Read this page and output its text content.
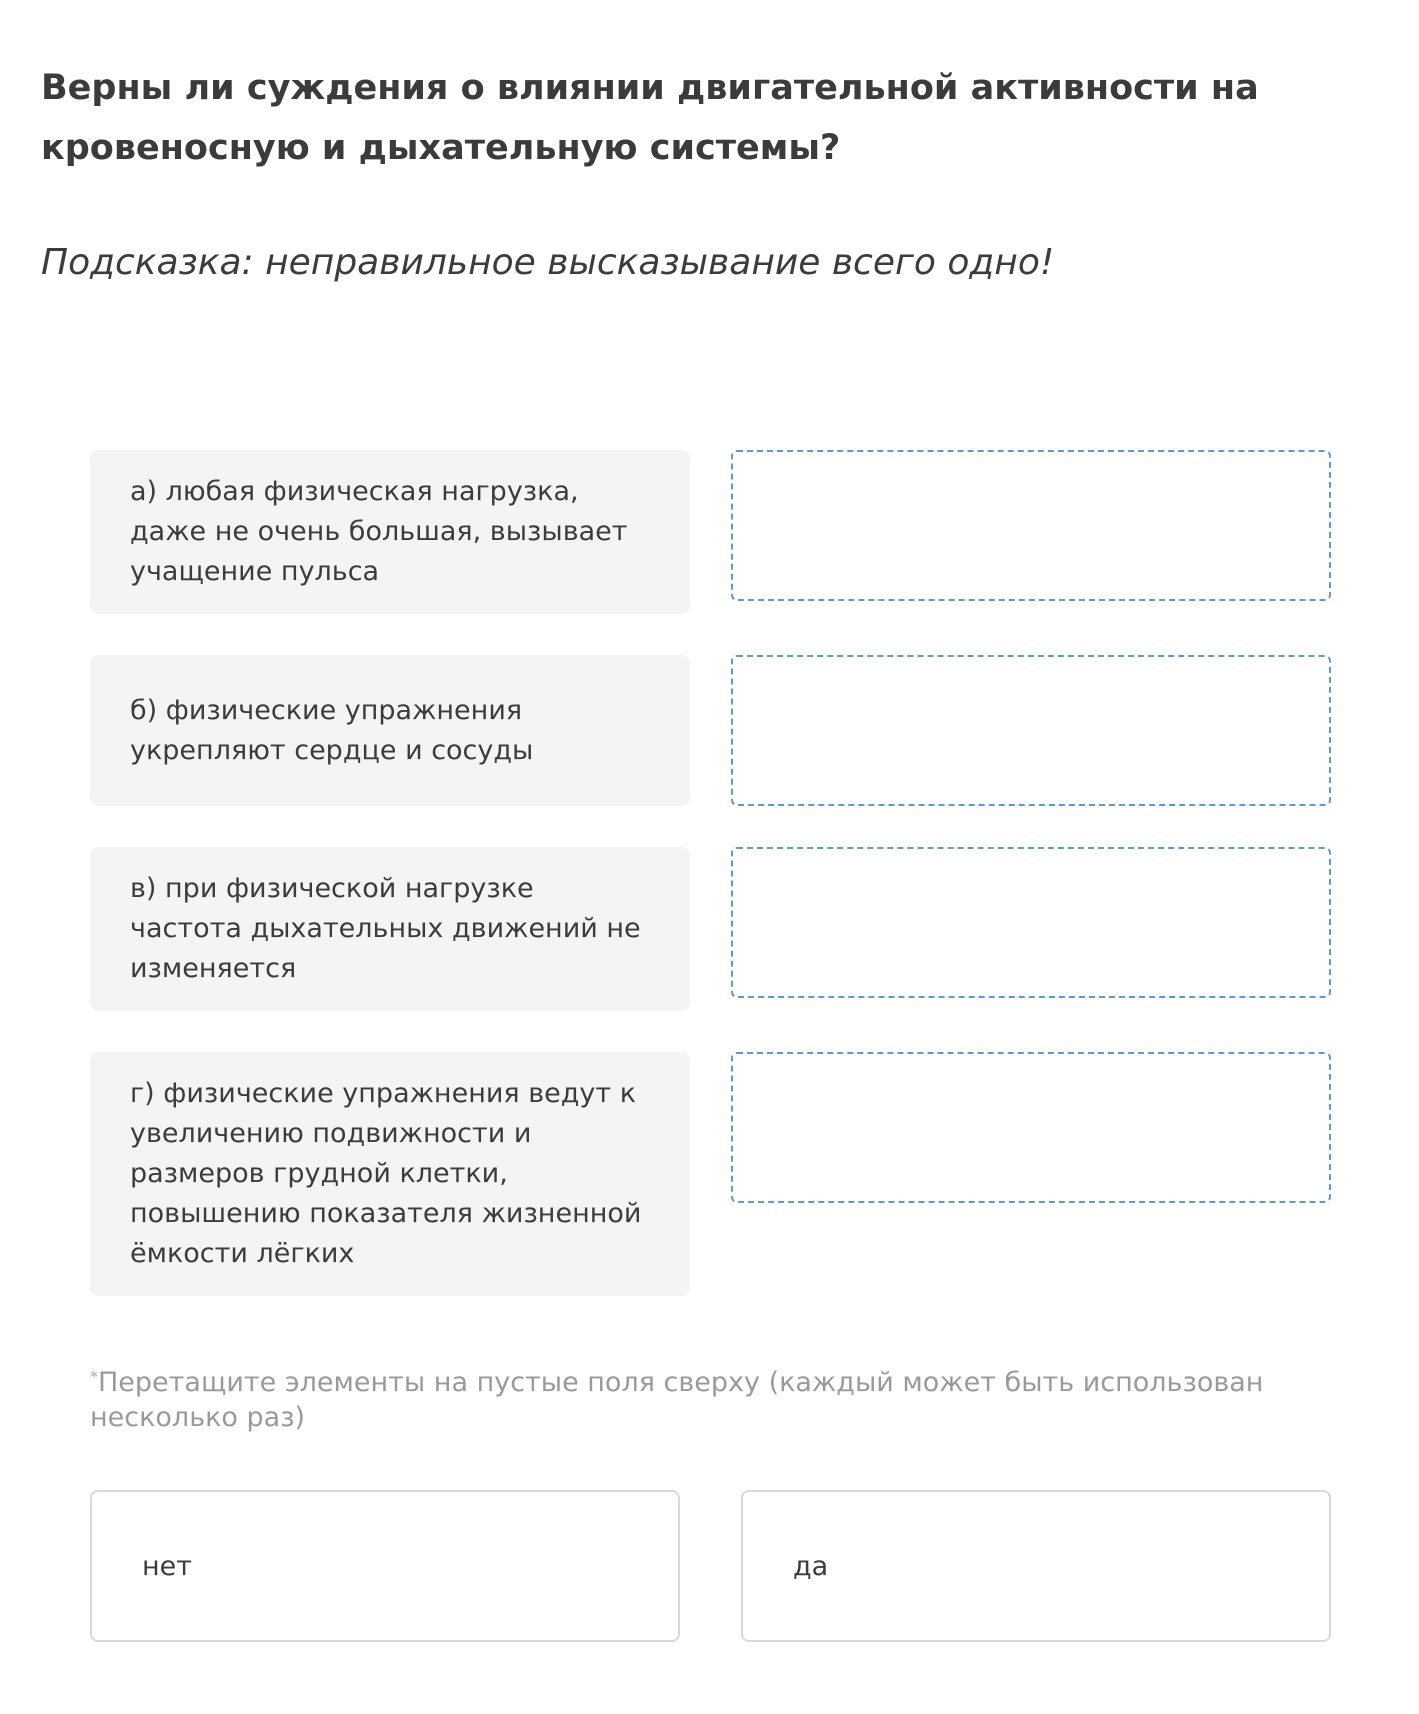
Верны ли суждения о влиянии двигательной активности на кровеносную и дыхательную системы?

Подсказка: неправильное высказывание всего одно!

а) любая физическая нагрузка, даже не очень большая, вызывает учащение пульса
б) физические упражнения укрепляют сердце и сосуды
в) при физической нагрузке частота дыхательных движений не изменяется
г) физические упражнения ведут к увеличению подвижности и размеров грудной клетки, повышению показателя жизненной ёмкости лёгких

*Перетащите элементы на пустые поля сверху (каждый может быть использован несколько раз)

нет	да
